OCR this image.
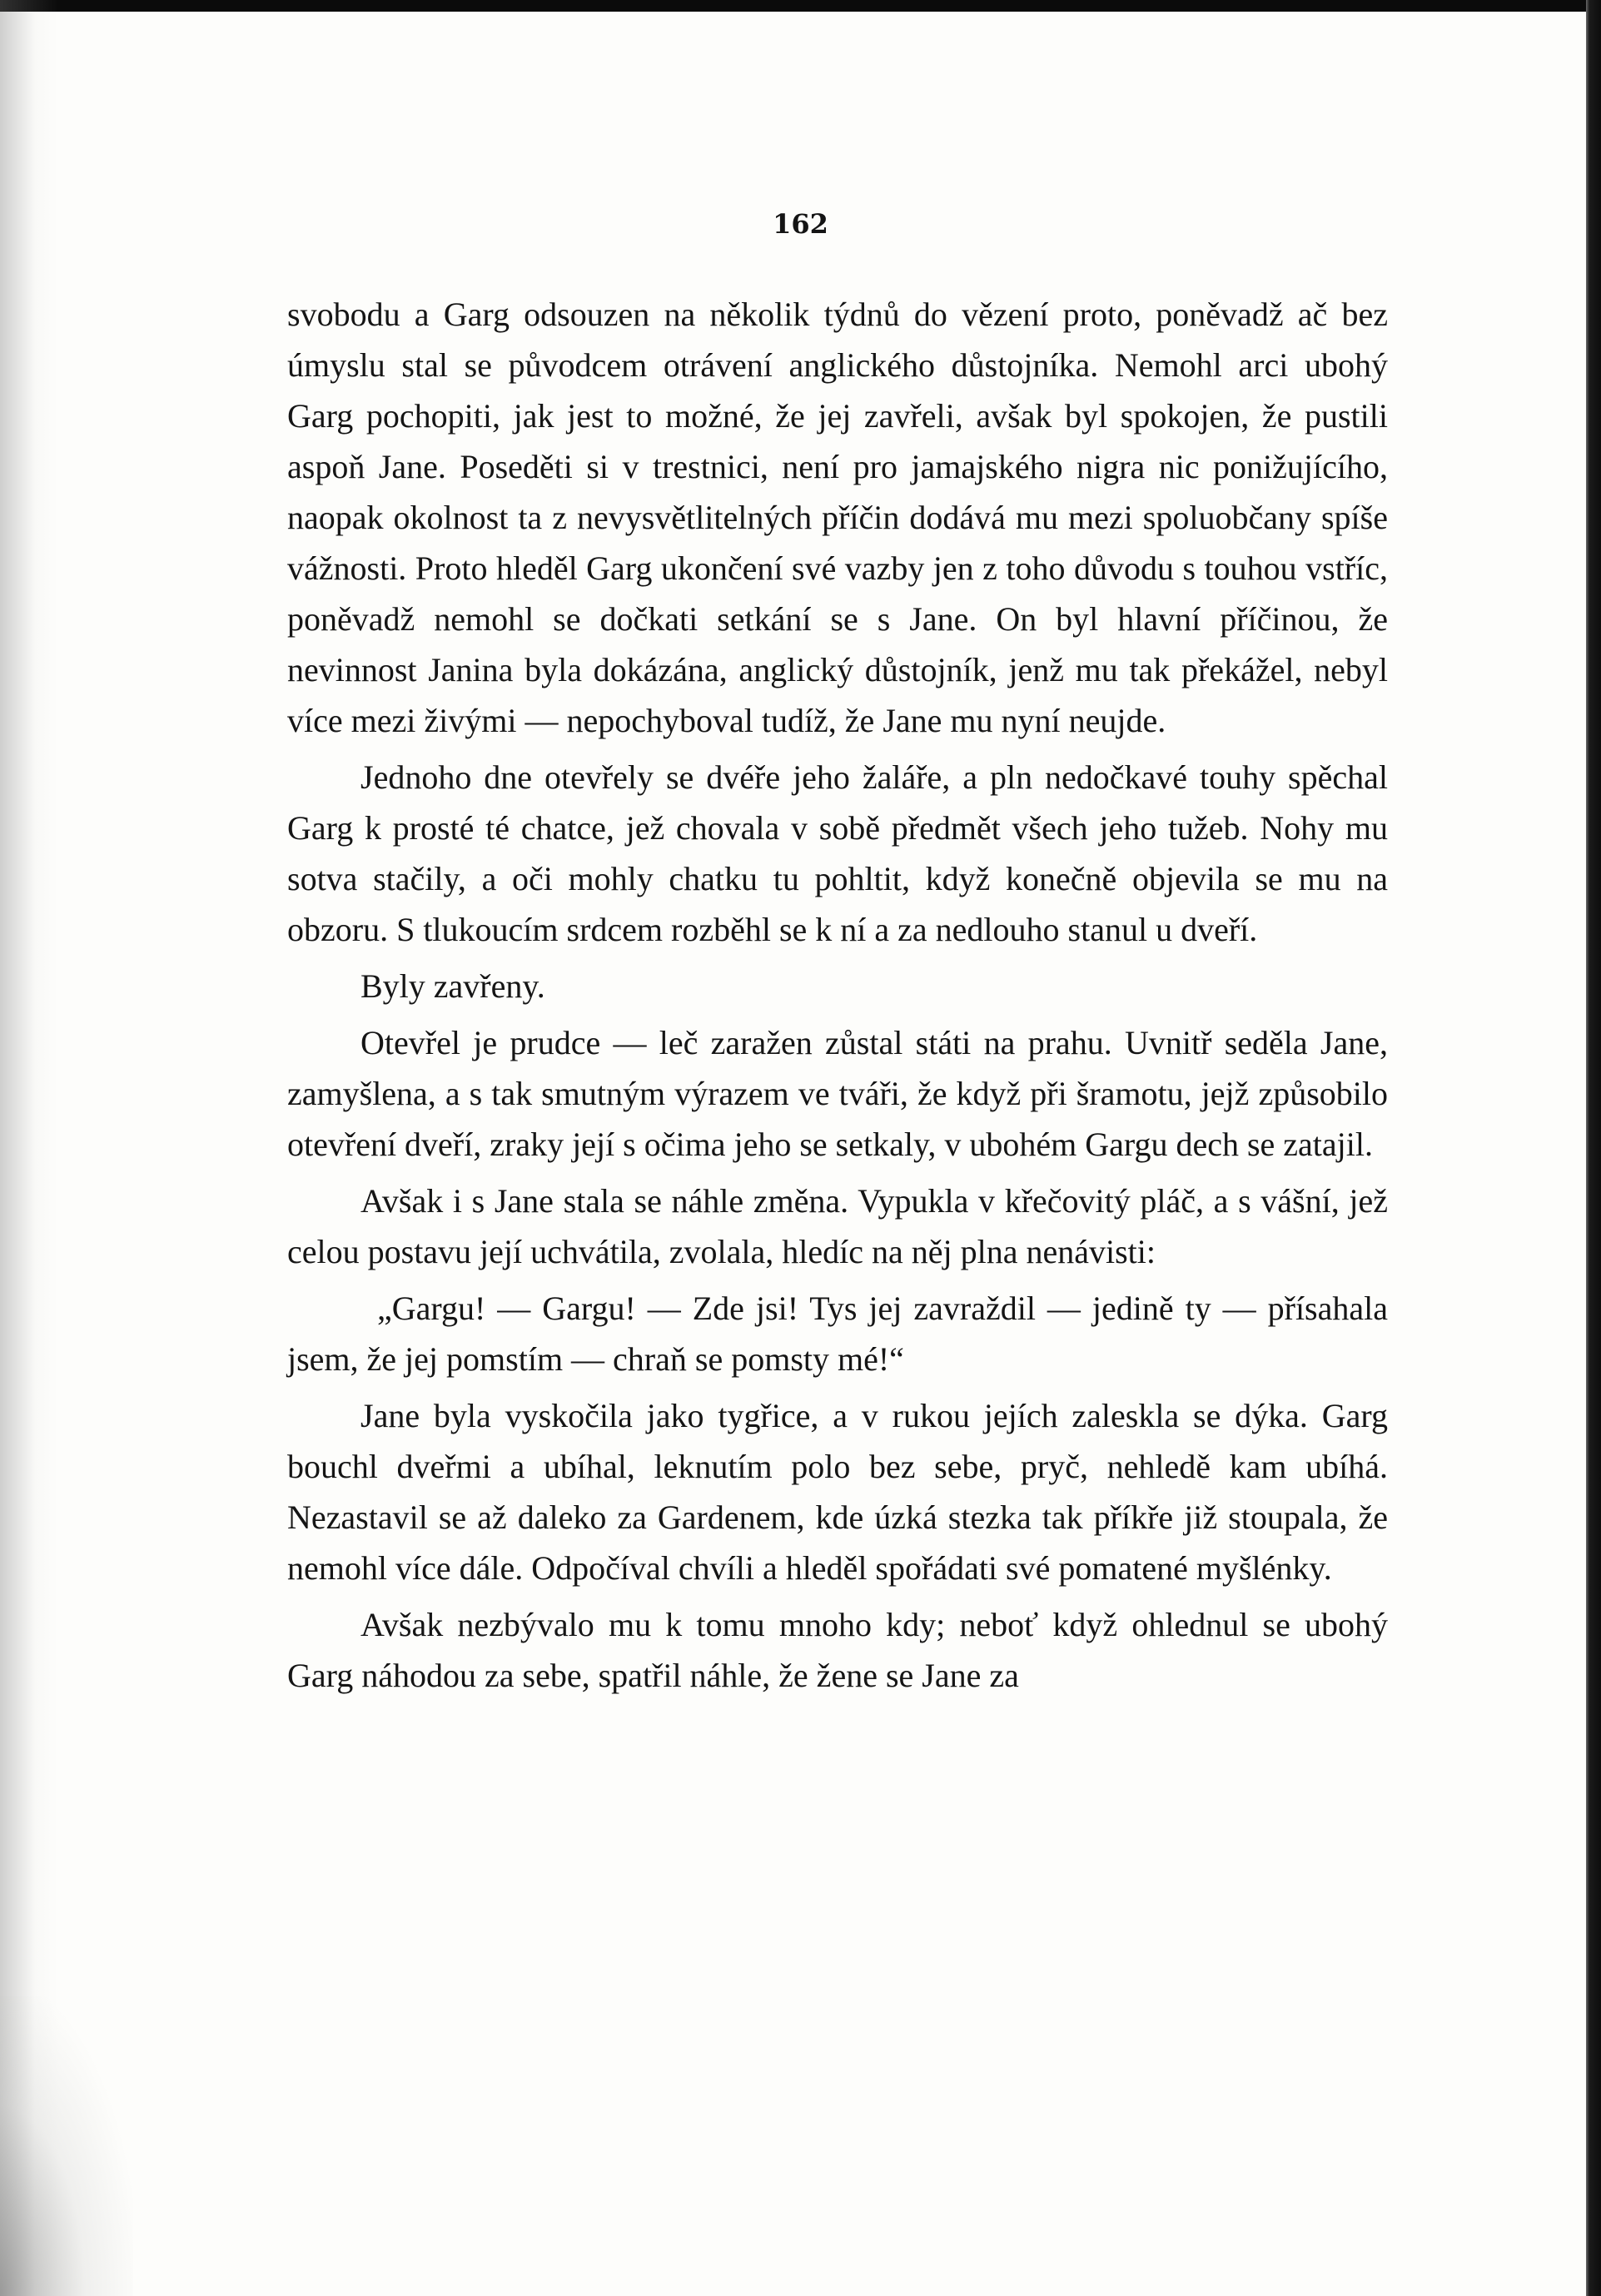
162

svobodu a Garg odsouzen na několik týdnů do vězení proto, poněvadž ač bez úmyslu stal se původcem otrávení anglického důstojníka. Nemohl arci ubohý Garg pochopiti, jak jest to možné, že jej zavřeli, avšak byl spokojen, že pustili aspoň Jane. Poseděti si v trestnici, není pro jamajského nigra nic ponižujícího, naopak okolnost ta z nevysvětlitelných příčin dodává mu mezi spoluobčany spíše vážnosti. Proto hleděl Garg ukončení své vazby jen z toho důvodu s touhou vstříc, poněvadž nemohl se dočkati setkání se s Jane. On byl hlavní příčinou, že nevinnost Janina byla dokázána, anglický důstojník, jenž mu tak překážel, nebyl více mezi živými — nepochyboval tudíž, že Jane mu nyní neujde.

Jednoho dne otevřely se dvéře jeho žaláře, a pln nedočkavé touhy spěchal Garg k prosté té chatce, jež chovala v sobě předmět všech jeho tužeb. Nohy mu sotva stačily, a oči mohly chatku tu pohltit, když konečně objevila se mu na obzoru. S tlukoucím srdcem rozběhl se k ní a za nedlouho stanul u dveří.

Byly zavřeny.

Otevřel je prudce — leč zaražen zůstal státi na prahu. Uvnitř seděla Jane, zamyšlena, a s tak smutným výrazem ve tváři, že když při šramotu, jejž způsobilo otevření dveří, zraky její s očima jeho se setkaly, v ubohém Gargu dech se zatajil.

Avšak i s Jane stala se náhle změna. Vypukla v křečovitý pláč, a s vášní, jež celou postavu její uchvátila, zvolala, hledíc na něj plna nenávisti:

„Gargu! — Gargu! — Zde jsi! Tys jej zavraždil — jedině ty — přísahala jsem, že jej pomstím — chraň se pomsty mé!“

Jane byla vyskočila jako tygřice, a v rukou jejích zaleskla se dýka. Garg bouchl dveřmi a ubíhal, leknutím polo bez sebe, pryč, nehledě kam ubíhá. Nezastavil se až daleko za Gardenem, kde úzká stezka tak příkře již stoupala, že nemohl více dále. Odpočíval chvíli a hleděl spořádati své pomatené myšlénky.

Avšak nezbývalo mu k tomu mnoho kdy; neboť když ohlednul se ubohý Garg náhodou za sebe, spatřil náhle, že žene se Jane za
